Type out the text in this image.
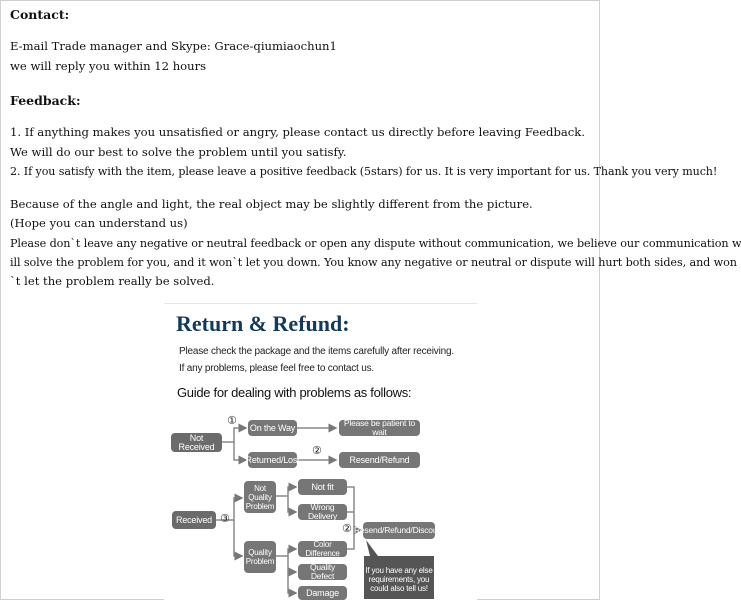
Contact:
E-mail Trade manager and Skype: Grace-qiumiaochun1
we will reply you within 12 hours
Feedback:
1. If anything makes you unsatisfied or angry, please contact us directly before leaving Feedback.
We will do our best to solve the problem until you satisfy.
2. If you satisfy with the item, please leave a positive feedback (5stars) for us. It is very important for us. Thank you very much!
Because of the angle and light, the real object may be slightly different from the picture.
(Hope you can understand us)
Please don`t leave any negative or neutral feedback or open any dispute without communication, we believe our communication w
ill solve the problem for you, and it won`t let you down. You know any negative or neutral or dispute will hurt both sides, and won
`t let the problem really be solved.
Return & Refund:
Please check the package and the items carefully after receiving.
If any problems, please feel free to contact us.
Guide for dealing with problems as follows:
①
②
③
②
Not Received
On the Way	Please be patient to wait
Returned/Lost	Resend/Refund
Received
Not Quality Problem
Not fit
Wrong Delivery
Resend/Refund/Discount
Quality Problem
Color Difference
Quality Defect
Damage
If you have any else requirements, you could also tell us!
